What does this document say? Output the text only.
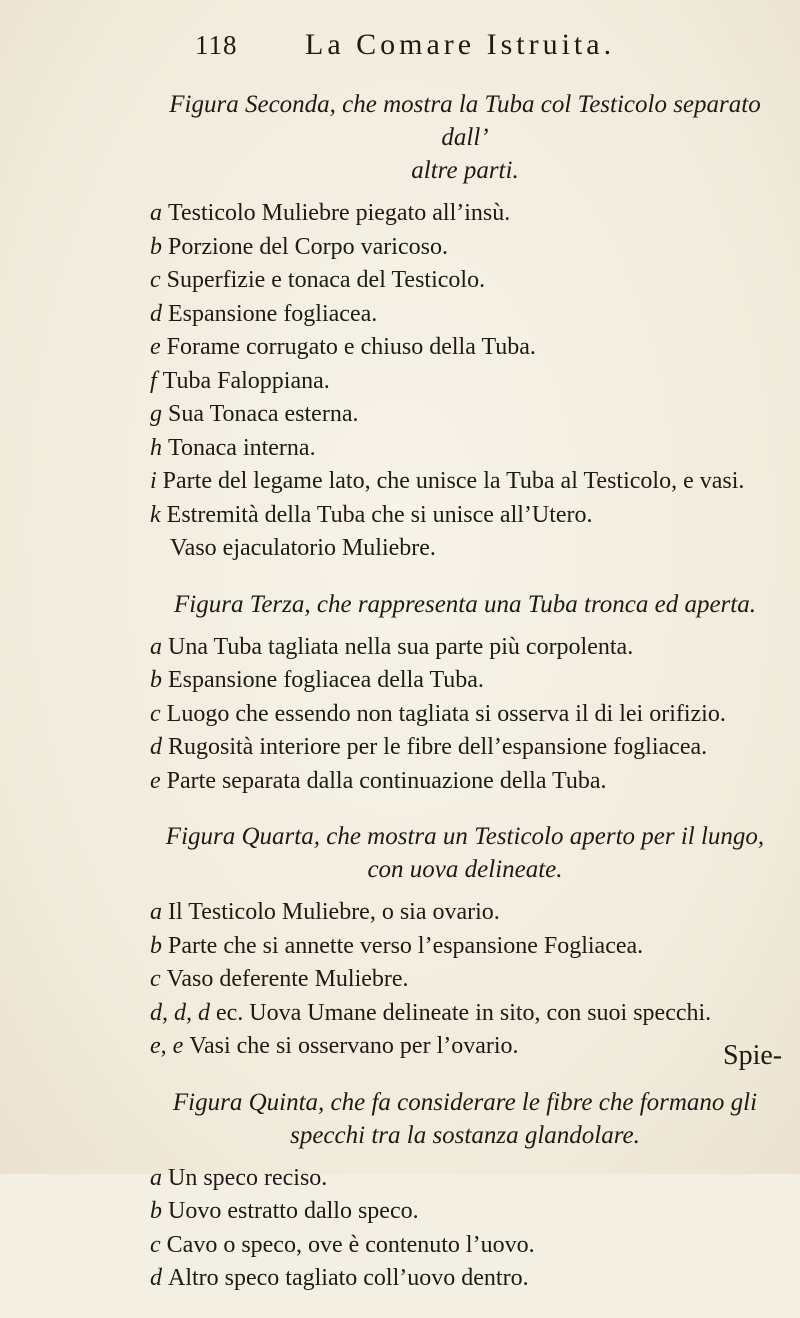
118 La Comare Istruita.
Figura Seconda, che mostra la Tuba col Testicolo separato dall’
altre parti.
a Testicolo Muliebre piegato all’insù.
b Porzione del Corpo varicoso.
c Superfizie e tonaca del Testicolo.
d Espansione fogliacea.
e Forame corrugato e chiuso della Tuba.
f Tuba Faloppiana.
g Sua Tonaca esterna.
h Tonaca interna.
i Parte del legame lato, che unisce la Tuba al Testicolo, e vasi.
k Estremità della Tuba che si unisce all’Utero.
Vaso ejaculatorio Muliebre.
Figura Terza, che rappresenta una Tuba tronca ed aperta.
a Una Tuba tagliata nella sua parte più corpolenta.
b Espansione fogliacea della Tuba.
c Luogo che essendo non tagliata si osserva il di lei orifizio.
d Rugosità interiore per le fibre dell’espansione fogliacea.
e Parte separata dalla continuazione della Tuba.
Figura Quarta, che mostra un Testicolo aperto per il lungo,
con uova delineate.
a Il Testicolo Muliebre, o sia ovario.
b Parte che si annette verso l’espansione Fogliacea.
c Vaso deferente Muliebre.
d, d, d ec. Uova Umane delineate in sito, con suoi specchi.
e, e Vasi che si osservano per l’ovario.
Figura Quinta, che fa considerare le fibre che formano gli
specchi tra la sostanza glandolare.
a Un speco reciso.
b Uovo estratto dallo speco.
c Cavo o speco, ove è contenuto l’uovo.
d Altro speco tagliato coll’uovo dentro.
Spie-
